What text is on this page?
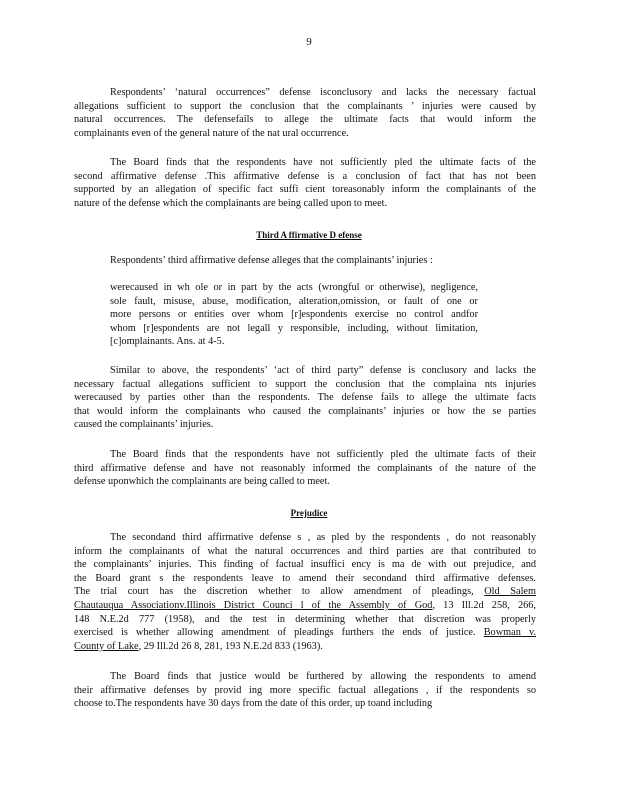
9
Respondents’ ‘natural occurrences” defense isconclusory and lacks the necessary factual
allegations sufficient to support the conclusion that the complainants ’ injuries were caused by
natural occurrences. The defensefails to allege the ultimate facts that would inform the
complainants even of the general nature of the nat ural occurrence.
The Board finds that the respondents have not sufficiently pled the ultimate facts of the
second affirmative defense .This affirmative defense is a conclusion of fact that has not been
supported by an allegation of specific fact suffi cient toreasonably inform the complainants of the
nature of the defense which the complainants are being called upon to meet.
Third A ffirmative D efense
Respondents’ third affirmative defense alleges that the complainants’ injuries :
werecaused in wh ole or in part by the acts (wrongful or otherwise), negligence,
sole fault, misuse, abuse, modification, alteration,omission, or fault of one or
more persons or entities over whom [r]espondents exercise no control andfor
whom [r]espondents are not legall y responsible, including, without limitation,
[c]omplainants. Ans. at 4-5.
Similar to above, the respondents’ ‘act of third party” defense is conclusory and lacks the
necessary factual allegations sufficient to support the conclusion that the complaina nts injuries
werecaused by parties other than the respondents. The defense fails to allege the ultimate facts
that would inform the complainants who caused the complainants’ injuries or how the se parties
caused the complainants’ injuries.
The Board finds that the respondents have not sufficiently pled the ultimate facts of their
third affirmative defense and have not reasonably informed the complainants of the nature of the
defense uponwhich the complainants are being called to meet.
Prejudice
The secondand third affirmative defense s , as pled by the respondents , do not reasonably
inform the complainants of what the natural occurrences and third parties are that contributed to
the complainants’ injuries. This finding of factual insuffici ency is ma de with out prejudice, and
the Board grant s the respondents leave to amend their secondand third affirmative defenses.
The trial court has the discretion whether to allow amendment of pleadings, Old Salem
Chautauqua Associationv.Illinois District Counci l of the Assembly of God, 13 Ill.2d 258, 266,
148 N.E.2d 777 (1958), and the test in determining whether that discretion was properly
exercised is whether allowing amendment of pleadings furthers the ends of justice. Bowman v.
County of Lake, 29 Ill.2d 26 8, 281, 193 N.E.2d 833 (1963).
The Board finds that justice would be furthered by allowing the respondents to amend
their affirmative defenses by provid ing more specific factual allegations , if the respondents so
choose to.The respondents have 30 days from the date of this order, up toand including
